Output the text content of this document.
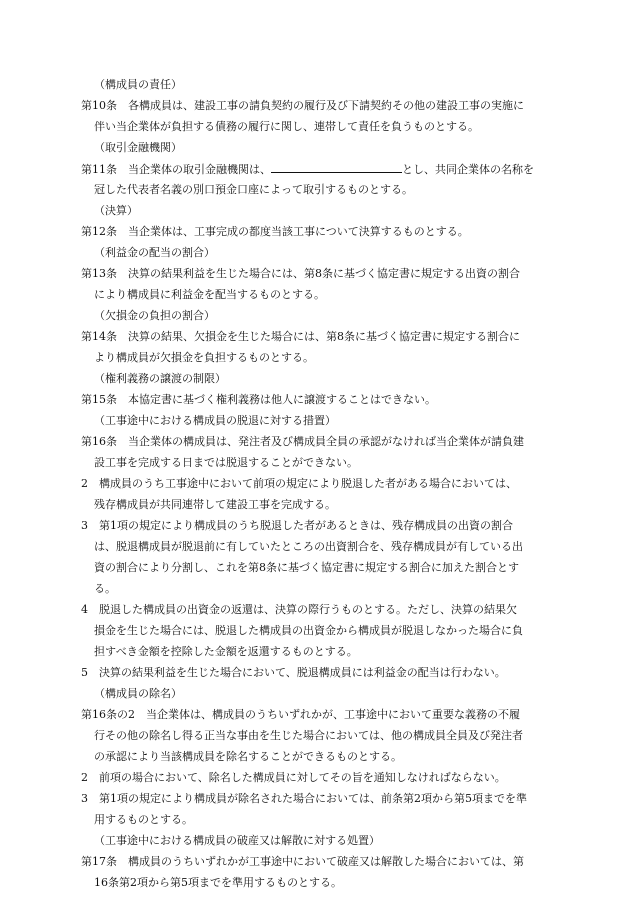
（構成員の責任）
第10条　各構成員は、建設工事の請負契約の履行及び下請契約その他の建設工事の実施に
伴い当企業体が負担する債務の履行に関し、連帯して責任を負うものとする。
（取引金融機関）
第11条　当企業体の取引金融機関は、	とし、共同企業体の名称を
冠した代表者名義の別口預金口座によって取引するものとする。
（決算）
第12条　当企業体は、工事完成の都度当該工事について決算するものとする。
（利益金の配当の割合）
第13条　決算の結果利益を生じた場合には、第8条に基づく協定書に規定する出資の割合
により構成員に利益金を配当するものとする。
（欠損金の負担の割合）
第14条　決算の結果、欠損金を生じた場合には、第8条に基づく協定書に規定する割合に
より構成員が欠損金を負担するものとする。
（権利義務の譲渡の制限）
第15条　本協定書に基づく権利義務は他人に譲渡することはできない。
（工事途中における構成員の脱退に対する措置）
第16条　当企業体の構成員は、発注者及び構成員全員の承認がなければ当企業体が請負建
設工事を完成する日までは脱退することができない。
2　構成員のうち工事途中において前項の規定により脱退した者がある場合においては、
残存構成員が共同連帯して建設工事を完成する。
3　第1項の規定により構成員のうち脱退した者があるときは、残存構成員の出資の割合
は、脱退構成員が脱退前に有していたところの出資割合を、残存構成員が有している出
資の割合により分割し、これを第8条に基づく協定書に規定する割合に加えた割合とす
る。
4　脱退した構成員の出資金の返還は、決算の際行うものとする。ただし、決算の結果欠
損金を生じた場合には、脱退した構成員の出資金から構成員が脱退しなかった場合に負
担すべき金額を控除した金額を返還するものとする。
5　決算の結果利益を生じた場合において、脱退構成員には利益金の配当は行わない。
（構成員の除名）
第16条の2　当企業体は、構成員のうちいずれかが、工事途中において重要な義務の不履
行その他の除名し得る正当な事由を生じた場合においては、他の構成員全員及び発注者
の承認により当該構成員を除名することができるものとする。
2　前項の場合において、除名した構成員に対してその旨を通知しなければならない。
3　第1項の規定により構成員が除名された場合においては、前条第2項から第5項までを準
用するものとする。
（工事途中における構成員の破産又は解散に対する処置）
第17条　構成員のうちいずれかが工事途中において破産又は解散した場合においては、第
16条第2項から第5項までを準用するものとする。
